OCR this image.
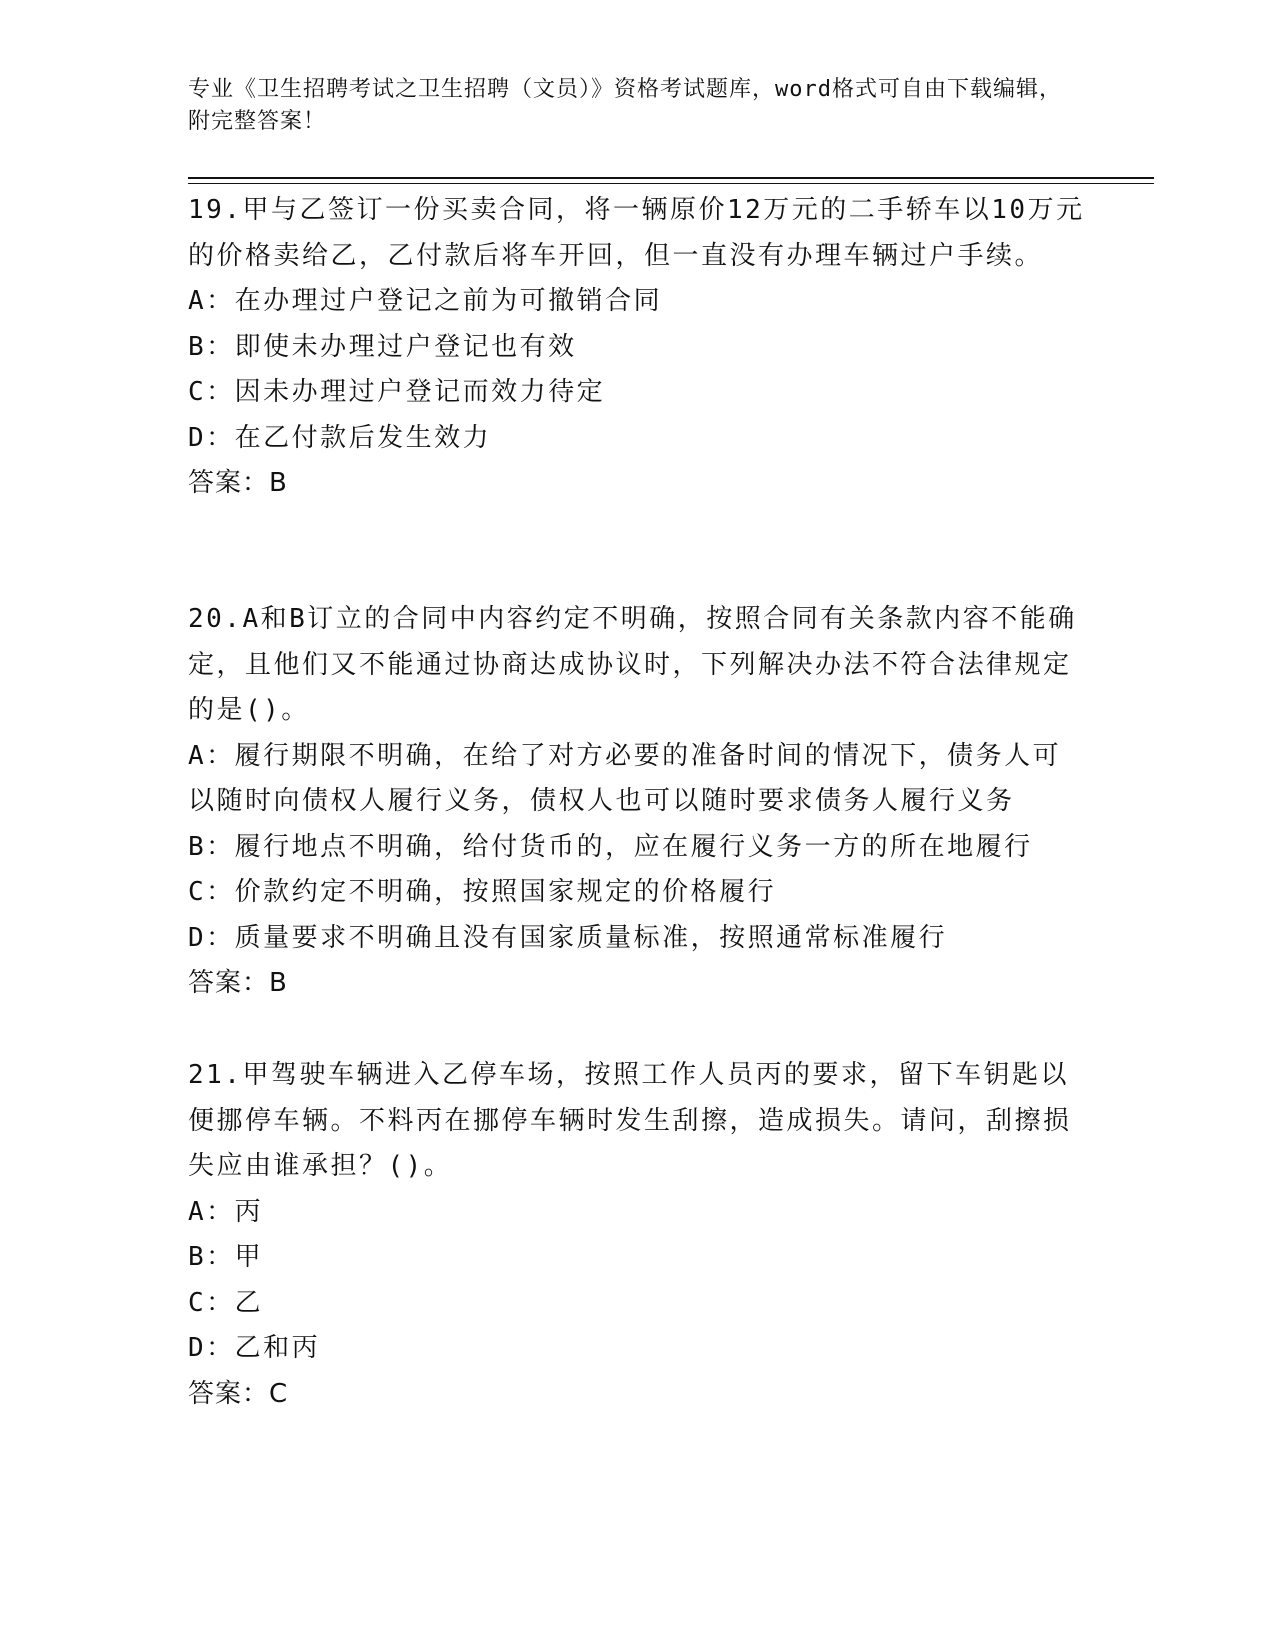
专业《卫生招聘考试之卫生招聘（文员）》资格考试题库，word格式可自由下载编辑，附完整答案！

19.甲与乙签订一份买卖合同，将一辆原价12万元的二手轿车以10万元的价格卖给乙，乙付款后将车开回，但一直没有办理车辆过户手续。

A：在办理过户登记之前为可撤销合同

B：即使未办理过户登记也有效

C：因未办理过户登记而效力待定

D：在乙付款后发生效力

答案：B

20.A和B订立的合同中内容约定不明确，按照合同有关条款内容不能确定，且他们又不能通过协商达成协议时，下列解决办法不符合法律规定的是()。

A：履行期限不明确，在给了对方必要的准备时间的情况下，债务人可以随时向债权人履行义务，债权人也可以随时要求债务人履行义务

B：履行地点不明确，给付货币的，应在履行义务一方的所在地履行

C：价款约定不明确，按照国家规定的价格履行

D：质量要求不明确且没有国家质量标准，按照通常标准履行

答案：B

21.甲驾驶车辆进入乙停车场，按照工作人员丙的要求，留下车钥匙以便挪停车辆。不料丙在挪停车辆时发生刮擦，造成损失。请问，刮擦损失应由谁承担？()。

A：丙

B：甲

C：乙

D：乙和丙

答案：C
